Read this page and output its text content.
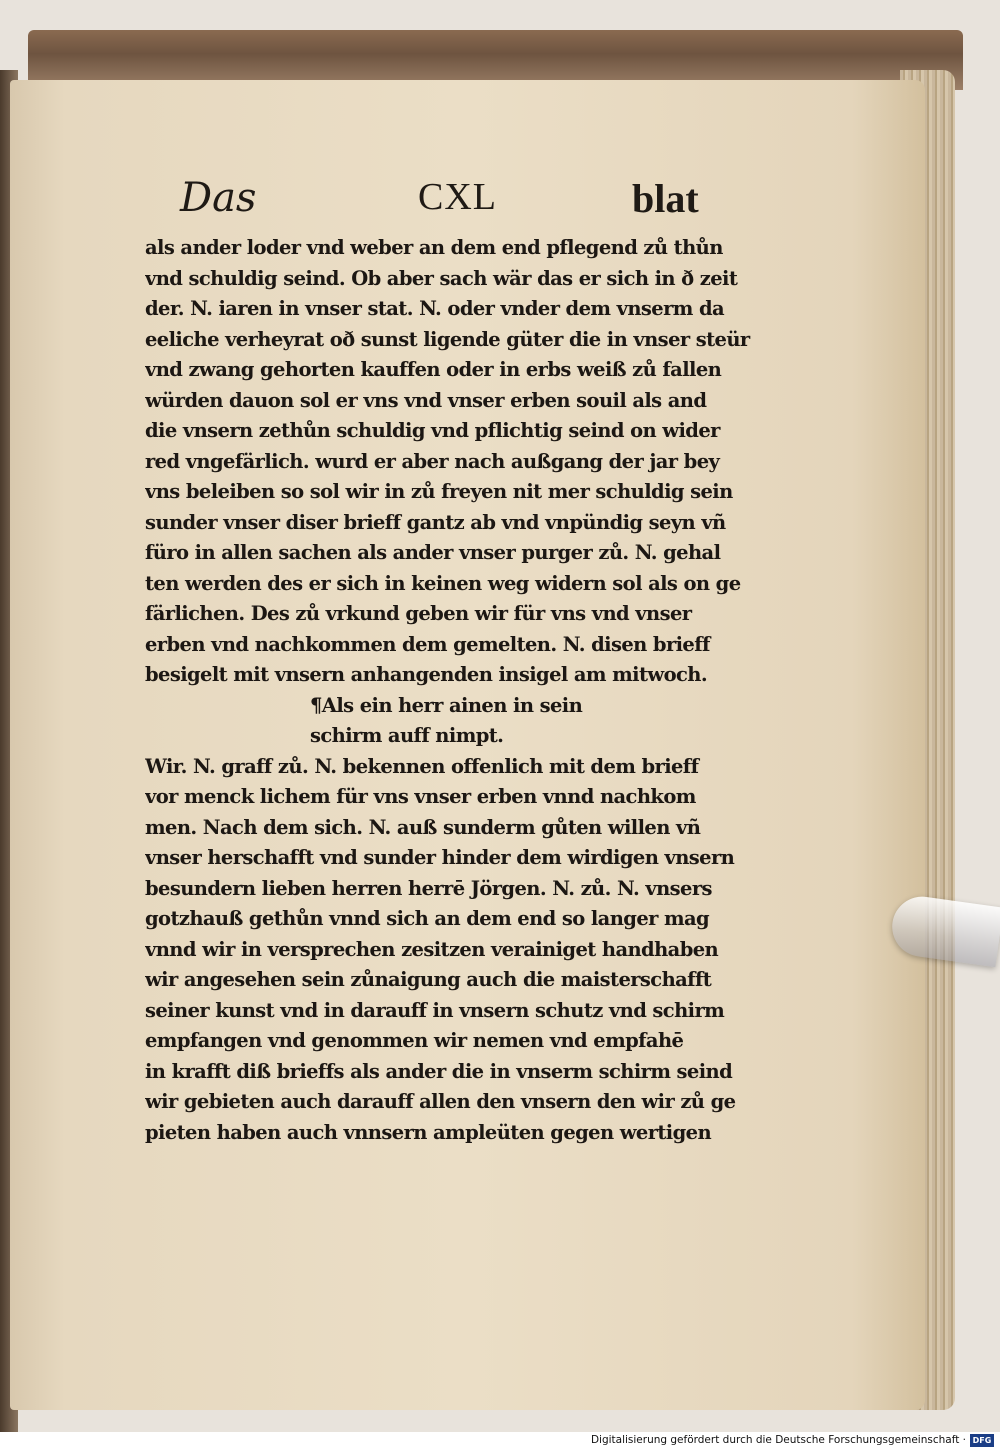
Das	CXL	blat
als ander loder vnd weber an dem end pflegend zů thůn
vnd schuldig seind. Ob aber sach wär das er sich in ð zeit
der. N. iaren in vnser stat. N. oder vnder dem vnserm da
eeliche verheyrat oð sunst ligende güter die in vnser steür
vnd zwang gehorten kauffen oder in erbs weiß zů fallen
würden dauon sol er vns vnd vnser erben souil als and
die vnsern zethůn schuldig vnd pflichtig seind on wider
red vngefärlich. wurd er aber nach außgang der jar bey
vns beleiben so sol wir in zů freyen nit mer schuldig sein
sunder vnser diser brieff gantz ab vnd vnpündig seyn vñ
füro in allen sachen als ander vnser purger zů. N. gehal
ten werden des er sich in keinen weg widern sol als on ge
färlichen. Des zů vrkund geben wir für vns vnd vnser
erben vnd nachkommen dem gemelten. N. disen brieff
besigelt mit vnsern anhangenden insigel am mitwoch.
¶Als ein herr ainen in sein
schirm auff nimpt.
Wir. N. graff zů. N. bekennen offenlich mit dem brieff
vor menck lichem für vns vnser erben vnnd nachkom
men. Nach dem sich. N. auß sunderm gůten willen vñ
vnser herschafft vnd sunder hinder dem wirdigen vnsern
besundern lieben herren herrē Jörgen. N. zů. N. vnsers
gotzhauß gethůn vnnd sich an dem end so langer mag
vnnd wir in versprechen zesitzen verainiget handhaben
wir angesehen sein zůnaigung auch die maisterschafft
seiner kunst vnd in darauff in vnsern schutz vnd schirm
empfangen vnd genommen wir nemen vnd empfahē
in krafft diß brieffs als ander die in vnserm schirm seind
wir gebieten auch darauff allen den vnsern den wir zů ge
pieten haben auch vnnsern ampleüten gegen wertigen
Digitalisierung gefördert durch die Deutsche Forschungsgemeinschaft · DFG
